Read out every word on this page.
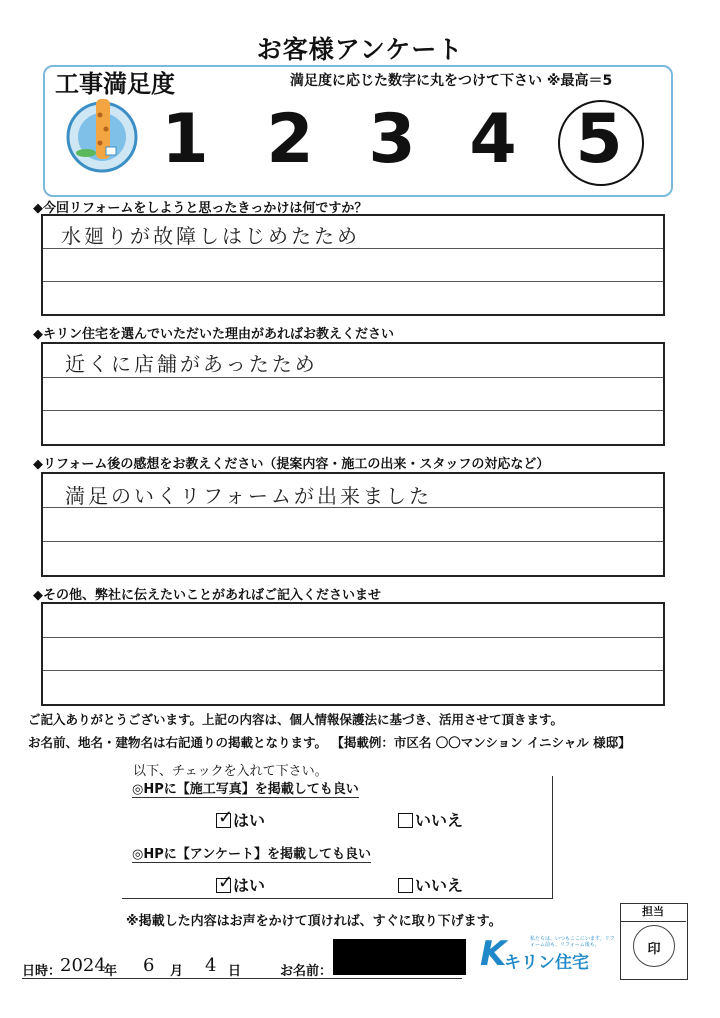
お客様アンケート
工事満足度	満足度に応じた数字に丸をつけて下さい ※最高＝5
1 2 3 4 5
◆今回リフォームをしようと思ったきっかけは何ですか？
水廻りが故障しはじめたため
◆キリン住宅を選んでいただいた理由があればお教えください
近くに店舗があったため
◆リフォーム後の感想をお教えください（提案内容・施工の出来・スタッフの対応など）
満足のいくリフォームが出来ました
◆その他、弊社に伝えたいことがあればご記入くださいませ
ご記入ありがとうございます。上記の内容は、個人情報保護法に基づき、活用させて頂きます。
お名前、地名・建物名は右記通りの掲載となります。 【掲載例：市区名 〇〇マンション イニシャル 様邸】
以下、チェックを入れて下さい。
◎HPに【施工写真】を掲載しても良い
✓ はい	いいえ
◎HPに【アンケート】を掲載しても良い
✓ はい	いいえ
※掲載した内容はお声をかけて頂ければ、すぐに取り下げます。
担当
印
K
キリン住宅
私たちは、いつもここにいます。リフォーム前も、リフォーム後も。
日時：
2024
年 6 月 4 日	お名前：
